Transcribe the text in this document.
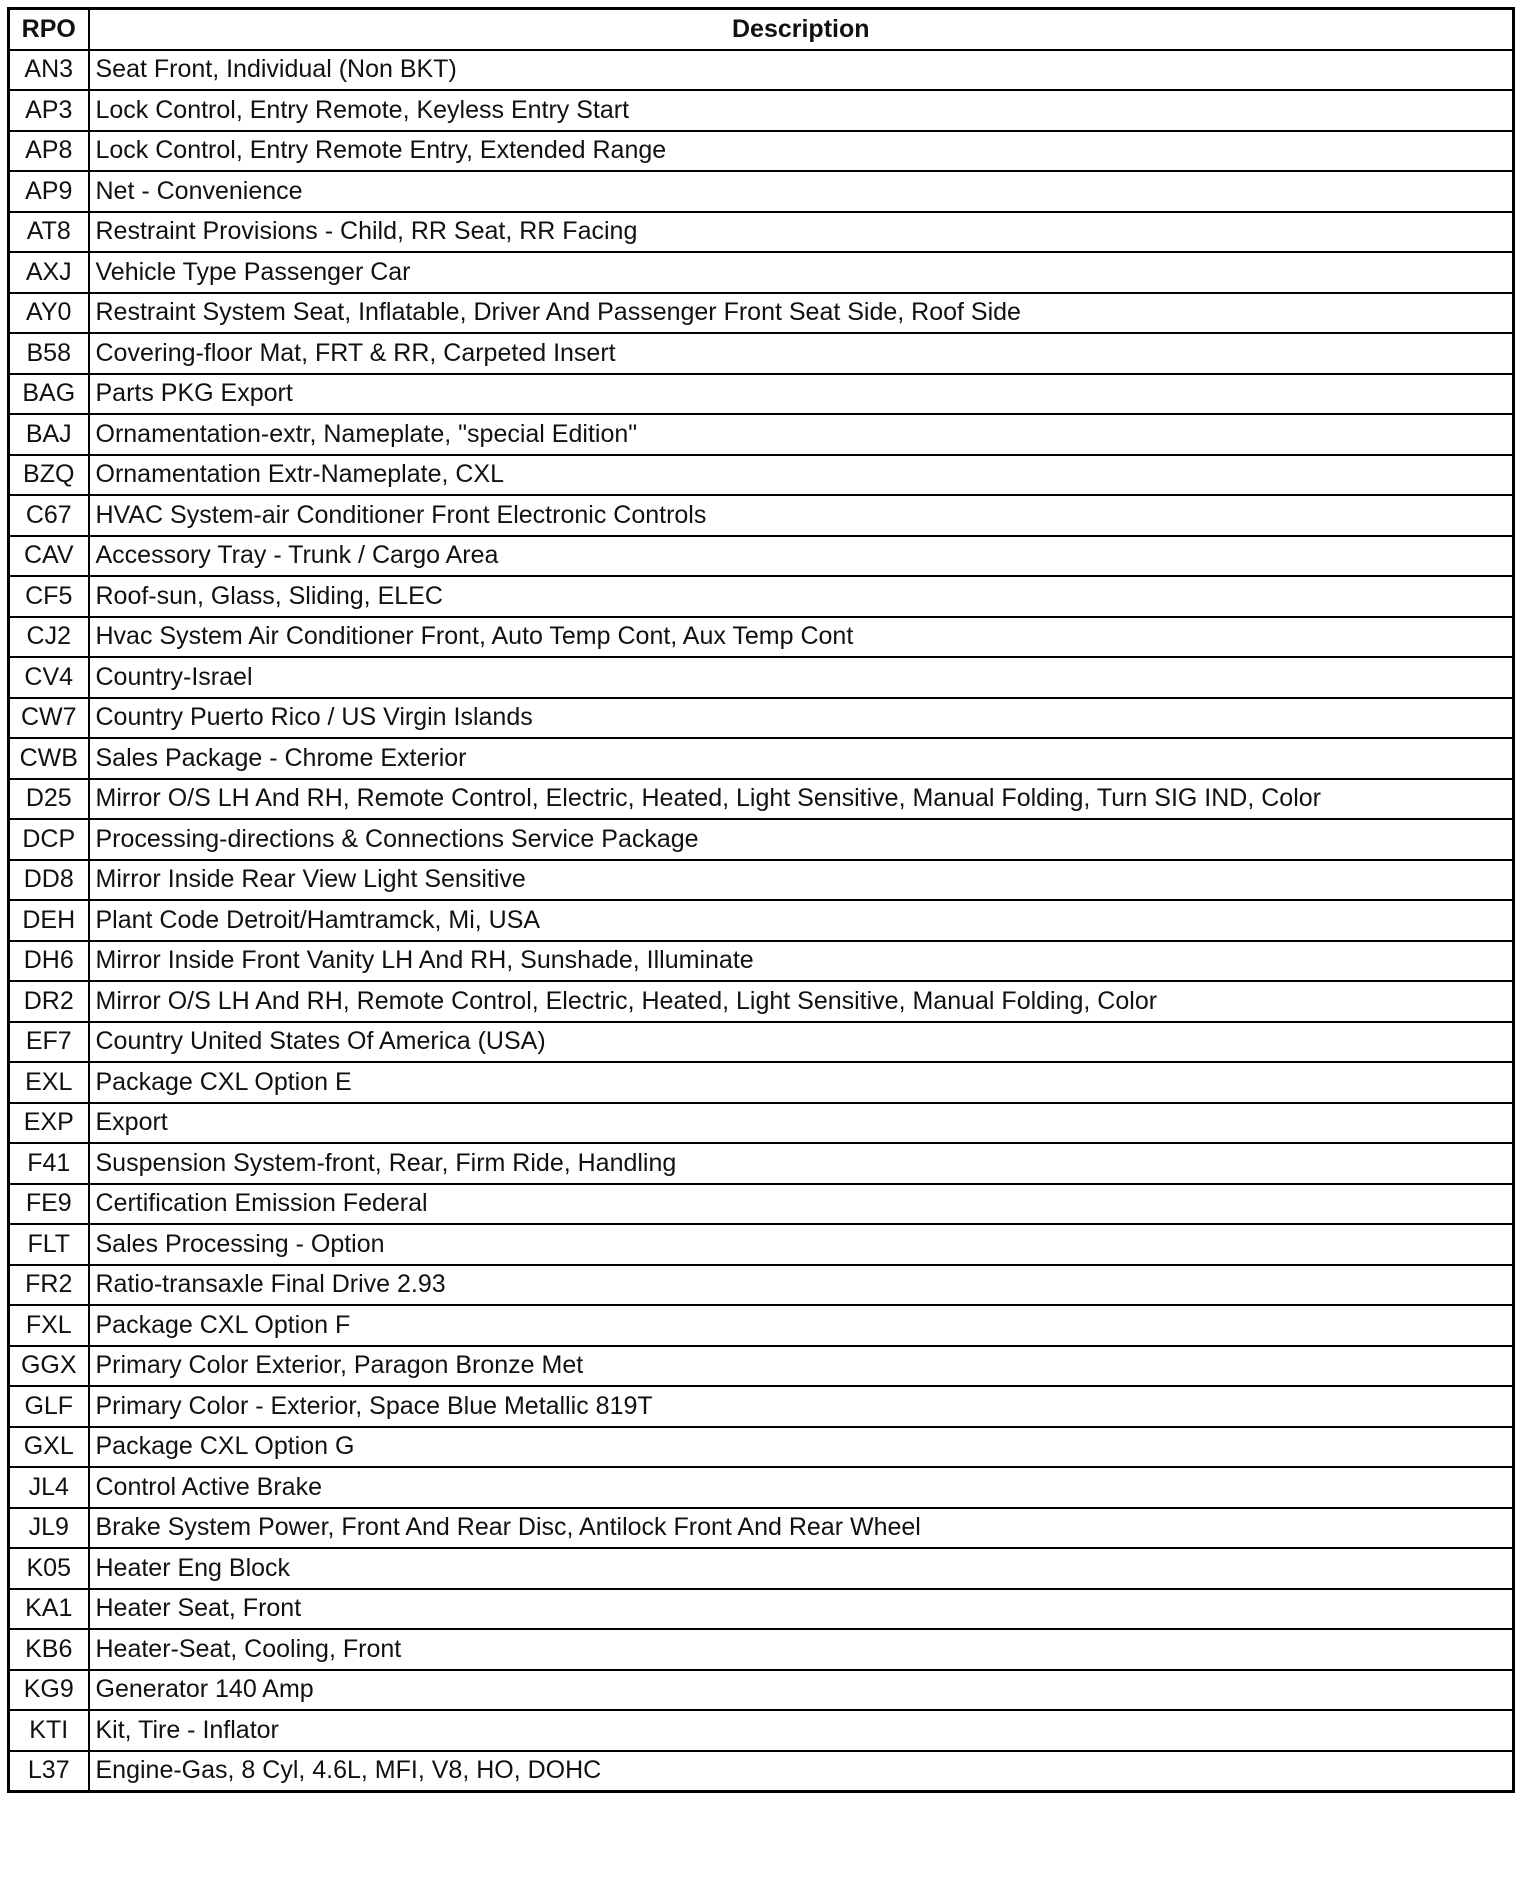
RPO	Description
AN3	Seat Front, Individual (Non BKT)
AP3	Lock Control, Entry Remote, Keyless Entry Start
AP8	Lock Control, Entry Remote Entry, Extended Range
AP9	Net - Convenience
AT8	Restraint Provisions - Child, RR Seat, RR Facing
AXJ	Vehicle Type Passenger Car
AY0	Restraint System Seat, Inflatable, Driver And Passenger Front Seat Side, Roof Side
B58	Covering-floor Mat, FRT & RR, Carpeted Insert
BAG	Parts PKG Export
BAJ	Ornamentation-extr, Nameplate, "special Edition"
BZQ	Ornamentation Extr-Nameplate, CXL
C67	HVAC System-air Conditioner Front Electronic Controls
CAV	Accessory Tray - Trunk / Cargo Area
CF5	Roof-sun, Glass, Sliding, ELEC
CJ2	Hvac System Air Conditioner Front, Auto Temp Cont, Aux Temp Cont
CV4	Country-Israel
CW7	Country Puerto Rico / US Virgin Islands
CWB	Sales Package - Chrome Exterior
D25	Mirror O/S LH And RH, Remote Control, Electric, Heated, Light Sensitive, Manual Folding, Turn SIG IND, Color
DCP	Processing-directions & Connections Service Package
DD8	Mirror Inside Rear View Light Sensitive
DEH	Plant Code Detroit/Hamtramck, Mi, USA
DH6	Mirror Inside Front Vanity LH And RH, Sunshade, Illuminate
DR2	Mirror O/S LH And RH, Remote Control, Electric, Heated, Light Sensitive, Manual Folding, Color
EF7	Country United States Of America (USA)
EXL	Package CXL Option E
EXP	Export
F41	Suspension System-front, Rear, Firm Ride, Handling
FE9	Certification Emission Federal
FLT	Sales Processing - Option
FR2	Ratio-transaxle Final Drive 2.93
FXL	Package CXL Option F
GGX	Primary Color Exterior, Paragon Bronze Met
GLF	Primary Color - Exterior, Space Blue Metallic 819T
GXL	Package CXL Option G
JL4	Control Active Brake
JL9	Brake System Power, Front And Rear Disc, Antilock Front And Rear Wheel
K05	Heater Eng Block
KA1	Heater Seat, Front
KB6	Heater-Seat, Cooling, Front
KG9	Generator 140 Amp
KTI	Kit, Tire - Inflator
L37	Engine-Gas, 8 Cyl, 4.6L, MFI, V8, HO, DOHC
